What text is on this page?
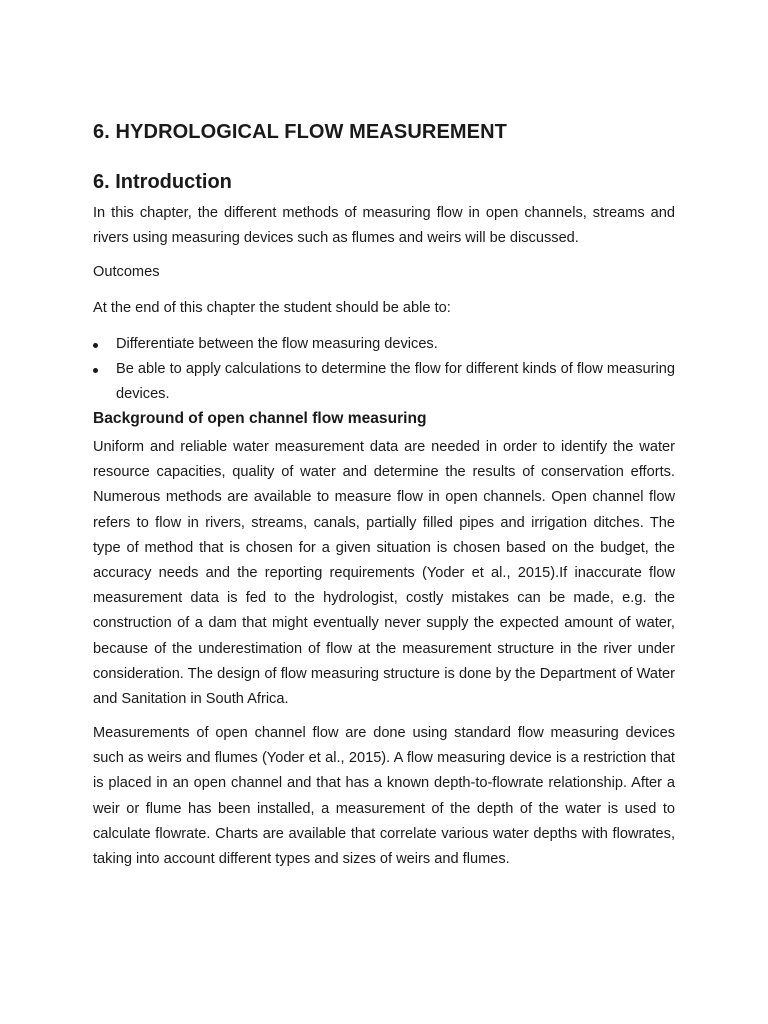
6. HYDROLOGICAL FLOW MEASUREMENT
6. Introduction

In this chapter, the different methods of measuring flow in open channels, streams and rivers using measuring devices such as flumes and weirs will be discussed.

Outcomes

At the end of this chapter the student should be able to:

Differentiate between the flow measuring devices.

Be able to apply calculations to determine the flow for different kinds of flow measuring devices.

Background of open channel flow measuring

Uniform and reliable water measurement data are needed in order to identify the water resource capacities, quality of water and determine the results of conservation efforts. Numerous methods are available to measure flow in open channels. Open channel flow refers to flow in rivers, streams, canals, partially filled pipes and irrigation ditches. The type of method that is chosen for a given situation is chosen based on the budget, the accuracy needs and the reporting requirements (Yoder et al., 2015).If inaccurate flow measurement data is fed to the hydrologist, costly mistakes can be made, e.g. the construction of a dam that might eventually never supply the expected amount of water, because of the underestimation of flow at the measurement structure in the river under consideration. The design of flow measuring structure is done by the Department of Water and Sanitation in South Africa.

Measurements of open channel flow are done using standard flow measuring devices such as weirs and flumes (Yoder et al., 2015). A flow measuring device is a restriction that is placed in an open channel and that has a known depth-to-flowrate relationship. After a weir or flume has been installed, a measurement of the depth of the water is used to calculate flowrate. Charts are available that correlate various water depths with flowrates, taking into account different types and sizes of weirs and flumes.
